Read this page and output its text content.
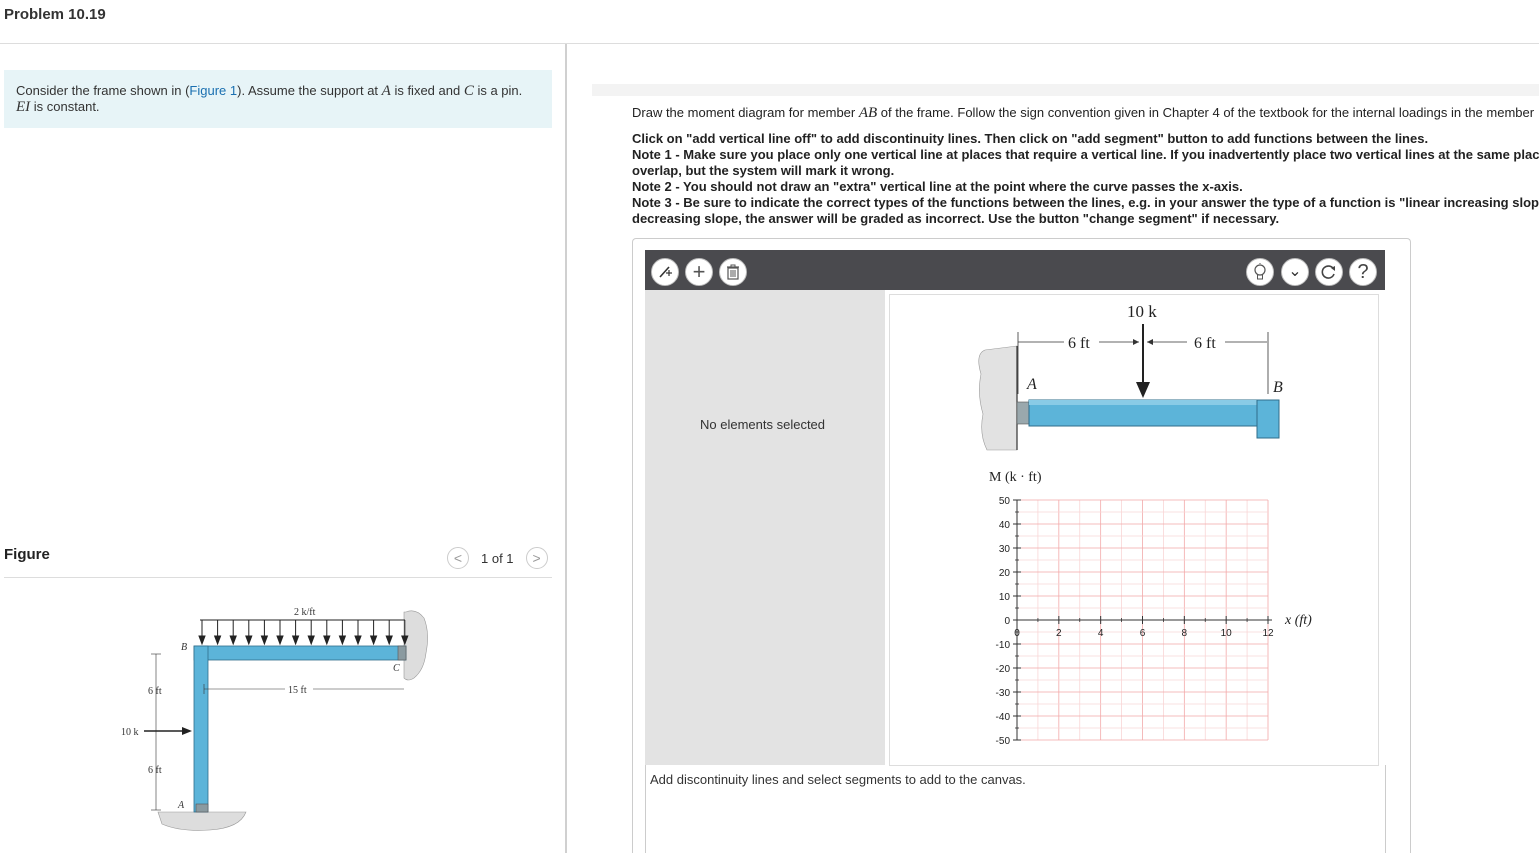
Problem 10.19
Consider the frame shown in (Figure 1). Assume the support at A is fixed and C is a pin.
EI is constant.
Figure	<	1 of 1	>
2 k/ft
B
C
A
15 ft
6 ft
6 ft
10 k

Draw the moment diagram for member AB of the frame. Follow the sign convention given in Chapter 4 of the textbook for the internal loadings in the member

Click on "add vertical line off" to add discontinuity lines. Then click on "add segment" button to add functions between the lines.

Note 1 - Make sure you place only one vertical line at places that require a vertical line. If you inadvertently place two vertical lines at the same plac

overlap, but the system will mark it wrong.

Note 2 - You should not draw an "extra" vertical line at the point where the curve passes the x-axis.

Note 3 - Be sure to indicate the correct types of the functions between the lines, e.g. in your answer the type of a function is "linear increasing slop

decreasing slope, the answer will be graded as incorrect. Use the button "change segment" if necessary.

+	⌄	?
No elements selected
A	B
10 k
6 ft	6 ft
M (k · ft)
x (ft)
50
40
30
20
10
0
-10
-20
-30
-40
-50
0	2	4	6	8	10	12
Add discontinuity lines and select segments to add to the canvas.
